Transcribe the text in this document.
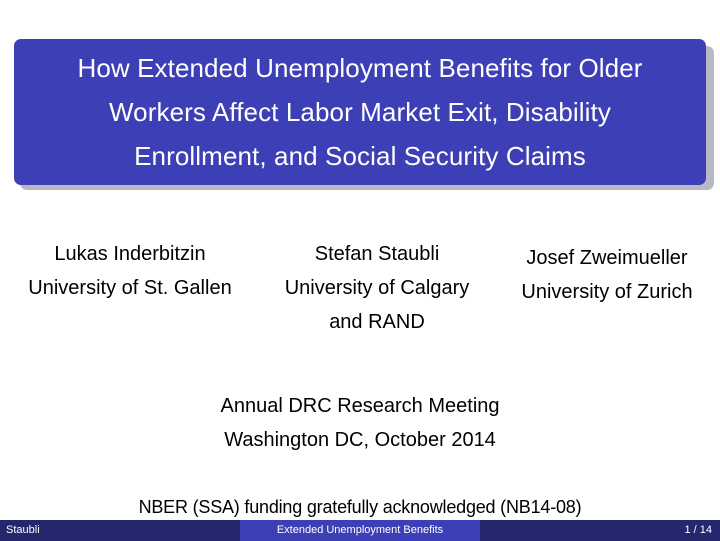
How Extended Unemployment Benefits for Older
Workers Affect Labor Market Exit, Disability
Enrollment, and Social Security Claims
Lukas Inderbitzin
University of St. Gallen
Stefan Staubli
University of Calgary
and RAND
Josef Zweimueller
University of Zurich
Annual DRC Research Meeting
Washington DC, October 2014
NBER (SSA) funding gratefully acknowledged (NB14-08)
Staubli	Extended Unemployment Benefits	1 / 14
